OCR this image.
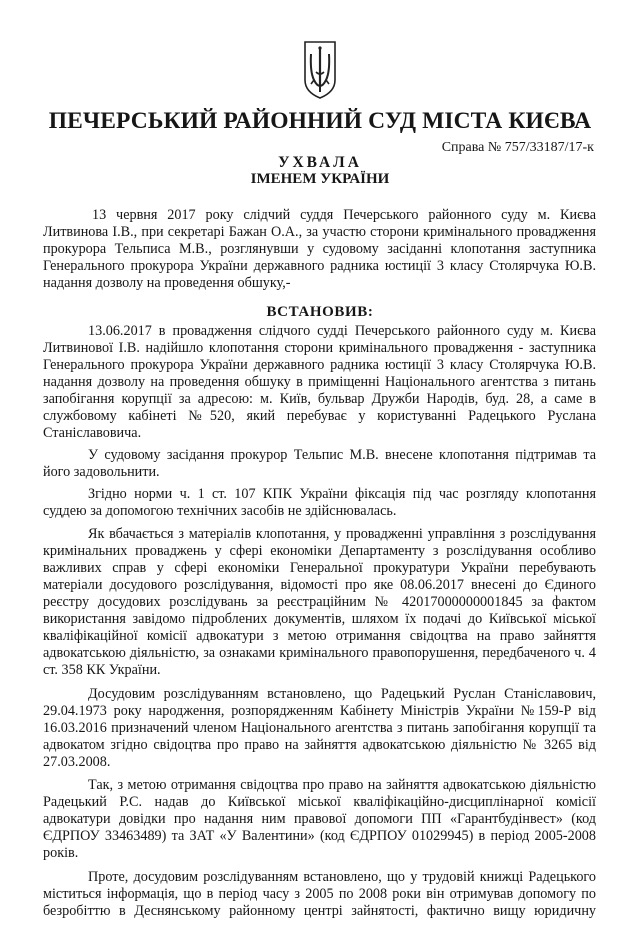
ПЕЧЕРСЬКИЙ РАЙОННИЙ СУД МІСТА КИЄВА
Справа № 757/33187/17-к
УХВАЛА
ІМЕНЕМ УКРАЇНИ
13 червня 2017 року слідчий суддя Печерського районного суду м. Києва
Литвинова І.В., при секретарі Бажан О.А., за участю сторони кримінального провадження
прокурора Тельписа М.В., розглянувши у судовому засіданні клопотання заступника
Генерального прокурора України державного радника юстиції 3 класу Столярчука Ю.В.
надання дозволу на проведення обшуку,-
ВСТАНОВИВ:
13.06.2017 в провадження слідчого судді Печерського районного суду м. Києва
Литвинової І.В. надійшло клопотання сторони кримінального провадження - заступника
Генерального прокурора України державного радника юстиції 3 класу Столярчука Ю.В.
надання дозволу на проведення обшуку в приміщенні Національного агентства з питань
запобігання корупції за адресою: м. Київ, бульвар Дружби Народів, буд. 28, а саме в
службовому кабінеті №520, який перебуває у користуванні Радецького Руслана
Станіславовича.
У судовому засідання прокурор Тельпис М.В. внесене клопотання підтримав та
його задовольнити.
Згідно норми ч. 1 ст. 107 КПК України фіксація під час розгляду клопотання
суддею за допомогою технічних засобів не здійснювалась.
Як вбачається з матеріалів клопотання, у провадженні управління з розслідування
кримінальних проваджень у сфері економіки Департаменту з розслідування особливо
важливих справ у сфері економіки Генеральної прокуратури України перебувають
матеріали досудового розслідування, відомості про яке 08.06.2017 внесені до Єдиного
реєстру досудових розслідувань за реєстраційним № 42017000000001845 за фактом
використання завідомо підроблених документів, шляхом їх подачі до Київської міської
кваліфікаційної комісії адвокатури з метою отримання свідоцтва на право зайняття
адвокатською діяльністю, за ознаками кримінального правопорушення, передбаченого ч. 4
ст. 358 КК України.
Досудовим розслідуванням встановлено, що Радецький Руслан Станіславович,
29.04.1973 року народження, розпорядженням Кабінету Міністрів України №159-Р від
16.03.2016 призначений членом Національного агентства з питань запобігання корупції та
адвокатом згідно свідоцтва про право на зайняття адвокатською діяльністю № 3265 від
27.03.2008.
Так, з метою отримання свідоцтва про право на зайняття адвокатською діяльністю
Радецький Р.С. надав до Київської міської кваліфікаційно-дисциплінарної комісії
адвокатури довідки про надання ним правової допомоги ПП «Гарантбудінвест» (код
ЄДРПОУ 33463489) та ЗАТ «У Валентини» (код ЄДРПОУ 01029945) в період 2005-2008
років.
Проте, досудовим розслідуванням встановлено, що у трудовій книжці Радецького
міститься інформація, що в період часу з 2005 по 2008 роки він отримував допомогу по
безробіттю в Деснянському районному центрі зайнятості, фактично вищу юридичну
